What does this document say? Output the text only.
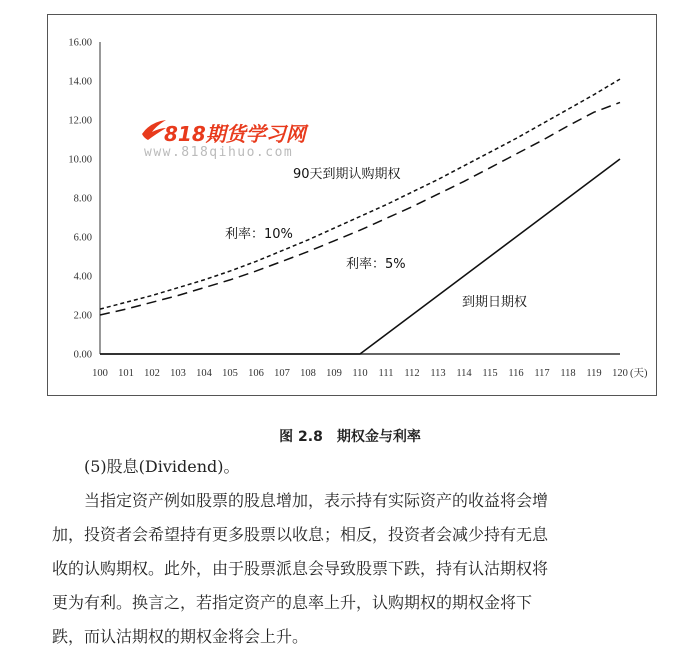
0.00
2.00
4.00
6.00
8.00
10.00
12.00
14.00
16.00
100 101 102 103 104 105 106 107 108 109 110 111 112 113 114 115 116 117 118 119 120 (天)
90天到期认购期权
利率：10%
利率：5%
到期日期权
818期货学习网
www.818qihuo.com
图 2.8　期权金与利率
(5)股息(Dividend)。
当指定资产例如股票的股息增加，表示持有实际资产的收益将会增
加，投资者会希望持有更多股票以收息；相反，投资者会减少持有无息
收的认购期权。此外，由于股票派息会导致股票下跌，持有认沽期权将
更为有利。换言之，若指定资产的息率上升，认购期权的期权金将下
跌，而认沽期权的期权金将会上升。
